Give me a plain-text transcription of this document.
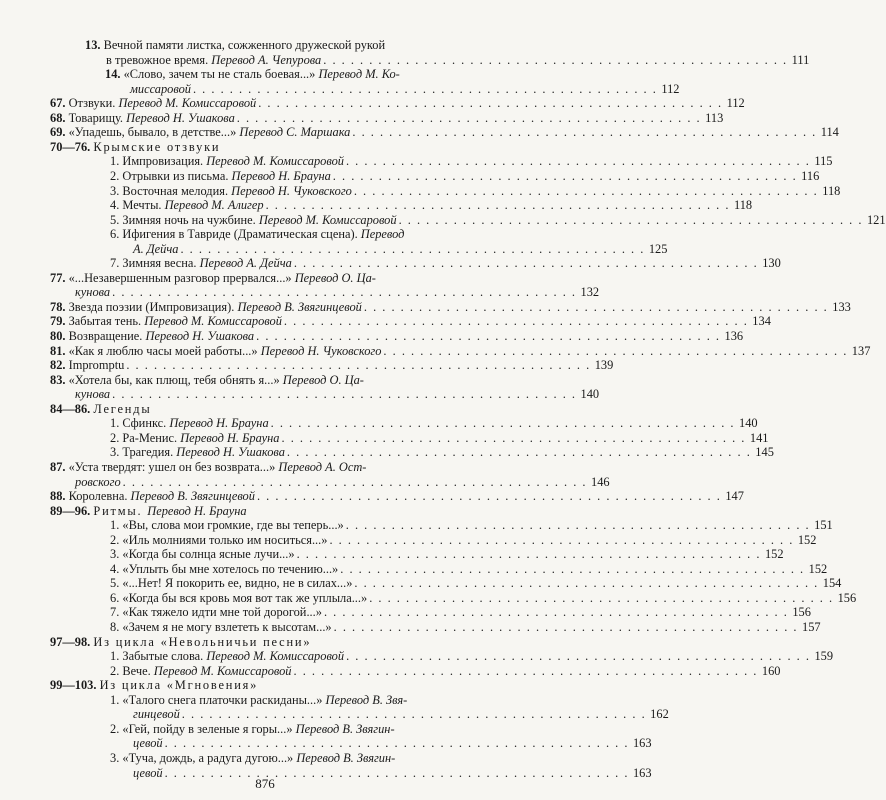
13. Вечной памяти листка, сожженного дружеской рукой
в тревожное время. Перевод А. Чепурова . . . . . . . . . . . . . . . . . . . . . . . . . . . . . . . . . . . . . . . . . . . . . . . . . . . 111
14. «Слово, зачем ты не сталь боевая...» Перевод М. Ко-
миссаровой . . . . . . . . . . . . . . . . . . . . . . . . . . . . . . . . . . . . . . . . . . . . . . . . . . . 112
67. Отзвуки. Перевод М. Комиссаровой . . . . . . . . . . . . . . . . . . . . . . . . . . . . . . . . . . . . . . . . . . . . . . . . . . . 112
68. Товарищу. Перевод Н. Ушакова . . . . . . . . . . . . . . . . . . . . . . . . . . . . . . . . . . . . . . . . . . . . . . . . . . . 113
69. «Упадешь, бывало, в детстве...» Перевод С. Маршака . . . . . . . . . . . . . . . . . . . . . . . . . . . . . . . . . . . . . . . . . . . . . . . . . . . 114
70—76. Крымские отзвуки
1. Импровизация. Перевод М. Комиссаровой . . . . . . . . . . . . . . . . . . . . . . . . . . . . . . . . . . . . . . . . . . . . . . . . . . . 115
2. Отрывки из письма. Перевод Н. Брауна . . . . . . . . . . . . . . . . . . . . . . . . . . . . . . . . . . . . . . . . . . . . . . . . . . . 116
3. Восточная мелодия. Перевод Н. Чуковского . . . . . . . . . . . . . . . . . . . . . . . . . . . . . . . . . . . . . . . . . . . . . . . . . . . 118
4. Мечты. Перевод М. Алигер . . . . . . . . . . . . . . . . . . . . . . . . . . . . . . . . . . . . . . . . . . . . . . . . . . . 118
5. Зимняя ночь на чужбине. Перевод М. Комиссаровой . . . . . . . . . . . . . . . . . . . . . . . . . . . . . . . . . . . . . . . . . . . . . . . . . . . 121
6. Ифигения в Тавриде (Драматическая сцена). Перевод
А. Дейча . . . . . . . . . . . . . . . . . . . . . . . . . . . . . . . . . . . . . . . . . . . . . . . . . . . 125
7. Зимняя весна. Перевод А. Дейча . . . . . . . . . . . . . . . . . . . . . . . . . . . . . . . . . . . . . . . . . . . . . . . . . . . 130
77. «...Незавершенным разговор прервался...» Перевод О. Ца-
кунова . . . . . . . . . . . . . . . . . . . . . . . . . . . . . . . . . . . . . . . . . . . . . . . . . . . 132
78. Звезда поэзии (Импровизация). Перевод В. Звягинцевой . . . . . . . . . . . . . . . . . . . . . . . . . . . . . . . . . . . . . . . . . . . . . . . . . . . 133
79. Забытая тень. Перевод М. Комиссаровой . . . . . . . . . . . . . . . . . . . . . . . . . . . . . . . . . . . . . . . . . . . . . . . . . . . 134
80. Возвращение. Перевод Н. Ушакова . . . . . . . . . . . . . . . . . . . . . . . . . . . . . . . . . . . . . . . . . . . . . . . . . . . 136
81. «Как я люблю часы моей работы...» Перевод Н. Чуковского . . . . . . . . . . . . . . . . . . . . . . . . . . . . . . . . . . . . . . . . . . . . . . . . . . . 137
82. Impromptu . . . . . . . . . . . . . . . . . . . . . . . . . . . . . . . . . . . . . . . . . . . . . . . . . . . 139
83. «Хотела бы, как плющ, тебя обнять я...» Перевод О. Ца-
кунова . . . . . . . . . . . . . . . . . . . . . . . . . . . . . . . . . . . . . . . . . . . . . . . . . . . 140
84—86. Легенды
1. Сфинкс. Перевод Н. Брауна . . . . . . . . . . . . . . . . . . . . . . . . . . . . . . . . . . . . . . . . . . . . . . . . . . . 140
2. Ра-Менис. Перевод Н. Брауна . . . . . . . . . . . . . . . . . . . . . . . . . . . . . . . . . . . . . . . . . . . . . . . . . . . 141
3. Трагедия. Перевод Н. Ушакова . . . . . . . . . . . . . . . . . . . . . . . . . . . . . . . . . . . . . . . . . . . . . . . . . . . 145
87. «Уста твердят: ушел он без возврата...» Перевод А. Ост-
ровского . . . . . . . . . . . . . . . . . . . . . . . . . . . . . . . . . . . . . . . . . . . . . . . . . . . 146
88. Королевна. Перевод В. Звягинцевой . . . . . . . . . . . . . . . . . . . . . . . . . . . . . . . . . . . . . . . . . . . . . . . . . . . 147
89—96. Ритмы. Перевод Н. Брауна
1. «Вы, слова мои громкие, где вы теперь...» . . . . . . . . . . . . . . . . . . . . . . . . . . . . . . . . . . . . . . . . . . . . . . . . . . . 151
2. «Иль молниями только им носиться...» . . . . . . . . . . . . . . . . . . . . . . . . . . . . . . . . . . . . . . . . . . . . . . . . . . . 152
3. «Когда бы солнца ясные лучи...» . . . . . . . . . . . . . . . . . . . . . . . . . . . . . . . . . . . . . . . . . . . . . . . . . . . 152
4. «Уплыть бы мне хотелось по течению...» . . . . . . . . . . . . . . . . . . . . . . . . . . . . . . . . . . . . . . . . . . . . . . . . . . . 152
5. «...Нет! Я покорить ее, видно, не в силах...» . . . . . . . . . . . . . . . . . . . . . . . . . . . . . . . . . . . . . . . . . . . . . . . . . . . 154
6. «Когда бы вся кровь моя вот так же уплыла...» . . . . . . . . . . . . . . . . . . . . . . . . . . . . . . . . . . . . . . . . . . . . . . . . . . . 156
7. «Как тяжело идти мне той дорогой...» . . . . . . . . . . . . . . . . . . . . . . . . . . . . . . . . . . . . . . . . . . . . . . . . . . . 156
8. «Зачем я не могу взлететь к высотам...» . . . . . . . . . . . . . . . . . . . . . . . . . . . . . . . . . . . . . . . . . . . . . . . . . . . 157
97—98. Из цикла «Невольничьи песни»
1. Забытые слова. Перевод М. Комиссаровой . . . . . . . . . . . . . . . . . . . . . . . . . . . . . . . . . . . . . . . . . . . . . . . . . . . 159
2. Вече. Перевод М. Комиссаровой . . . . . . . . . . . . . . . . . . . . . . . . . . . . . . . . . . . . . . . . . . . . . . . . . . . 160
99—103. Из цикла «Мгновения»
1. «Талого снега платочки раскиданы...» Перевод В. Звя-
гинцевой . . . . . . . . . . . . . . . . . . . . . . . . . . . . . . . . . . . . . . . . . . . . . . . . . . . 162
2. «Гей, пойду в зеленые я горы...» Перевод В. Звягин-
цевой . . . . . . . . . . . . . . . . . . . . . . . . . . . . . . . . . . . . . . . . . . . . . . . . . . . 163
3. «Туча, дождь, а радуга дугою...» Перевод В. Звягин-
цевой . . . . . . . . . . . . . . . . . . . . . . . . . . . . . . . . . . . . . . . . . . . . . . . . . . . 163
876
